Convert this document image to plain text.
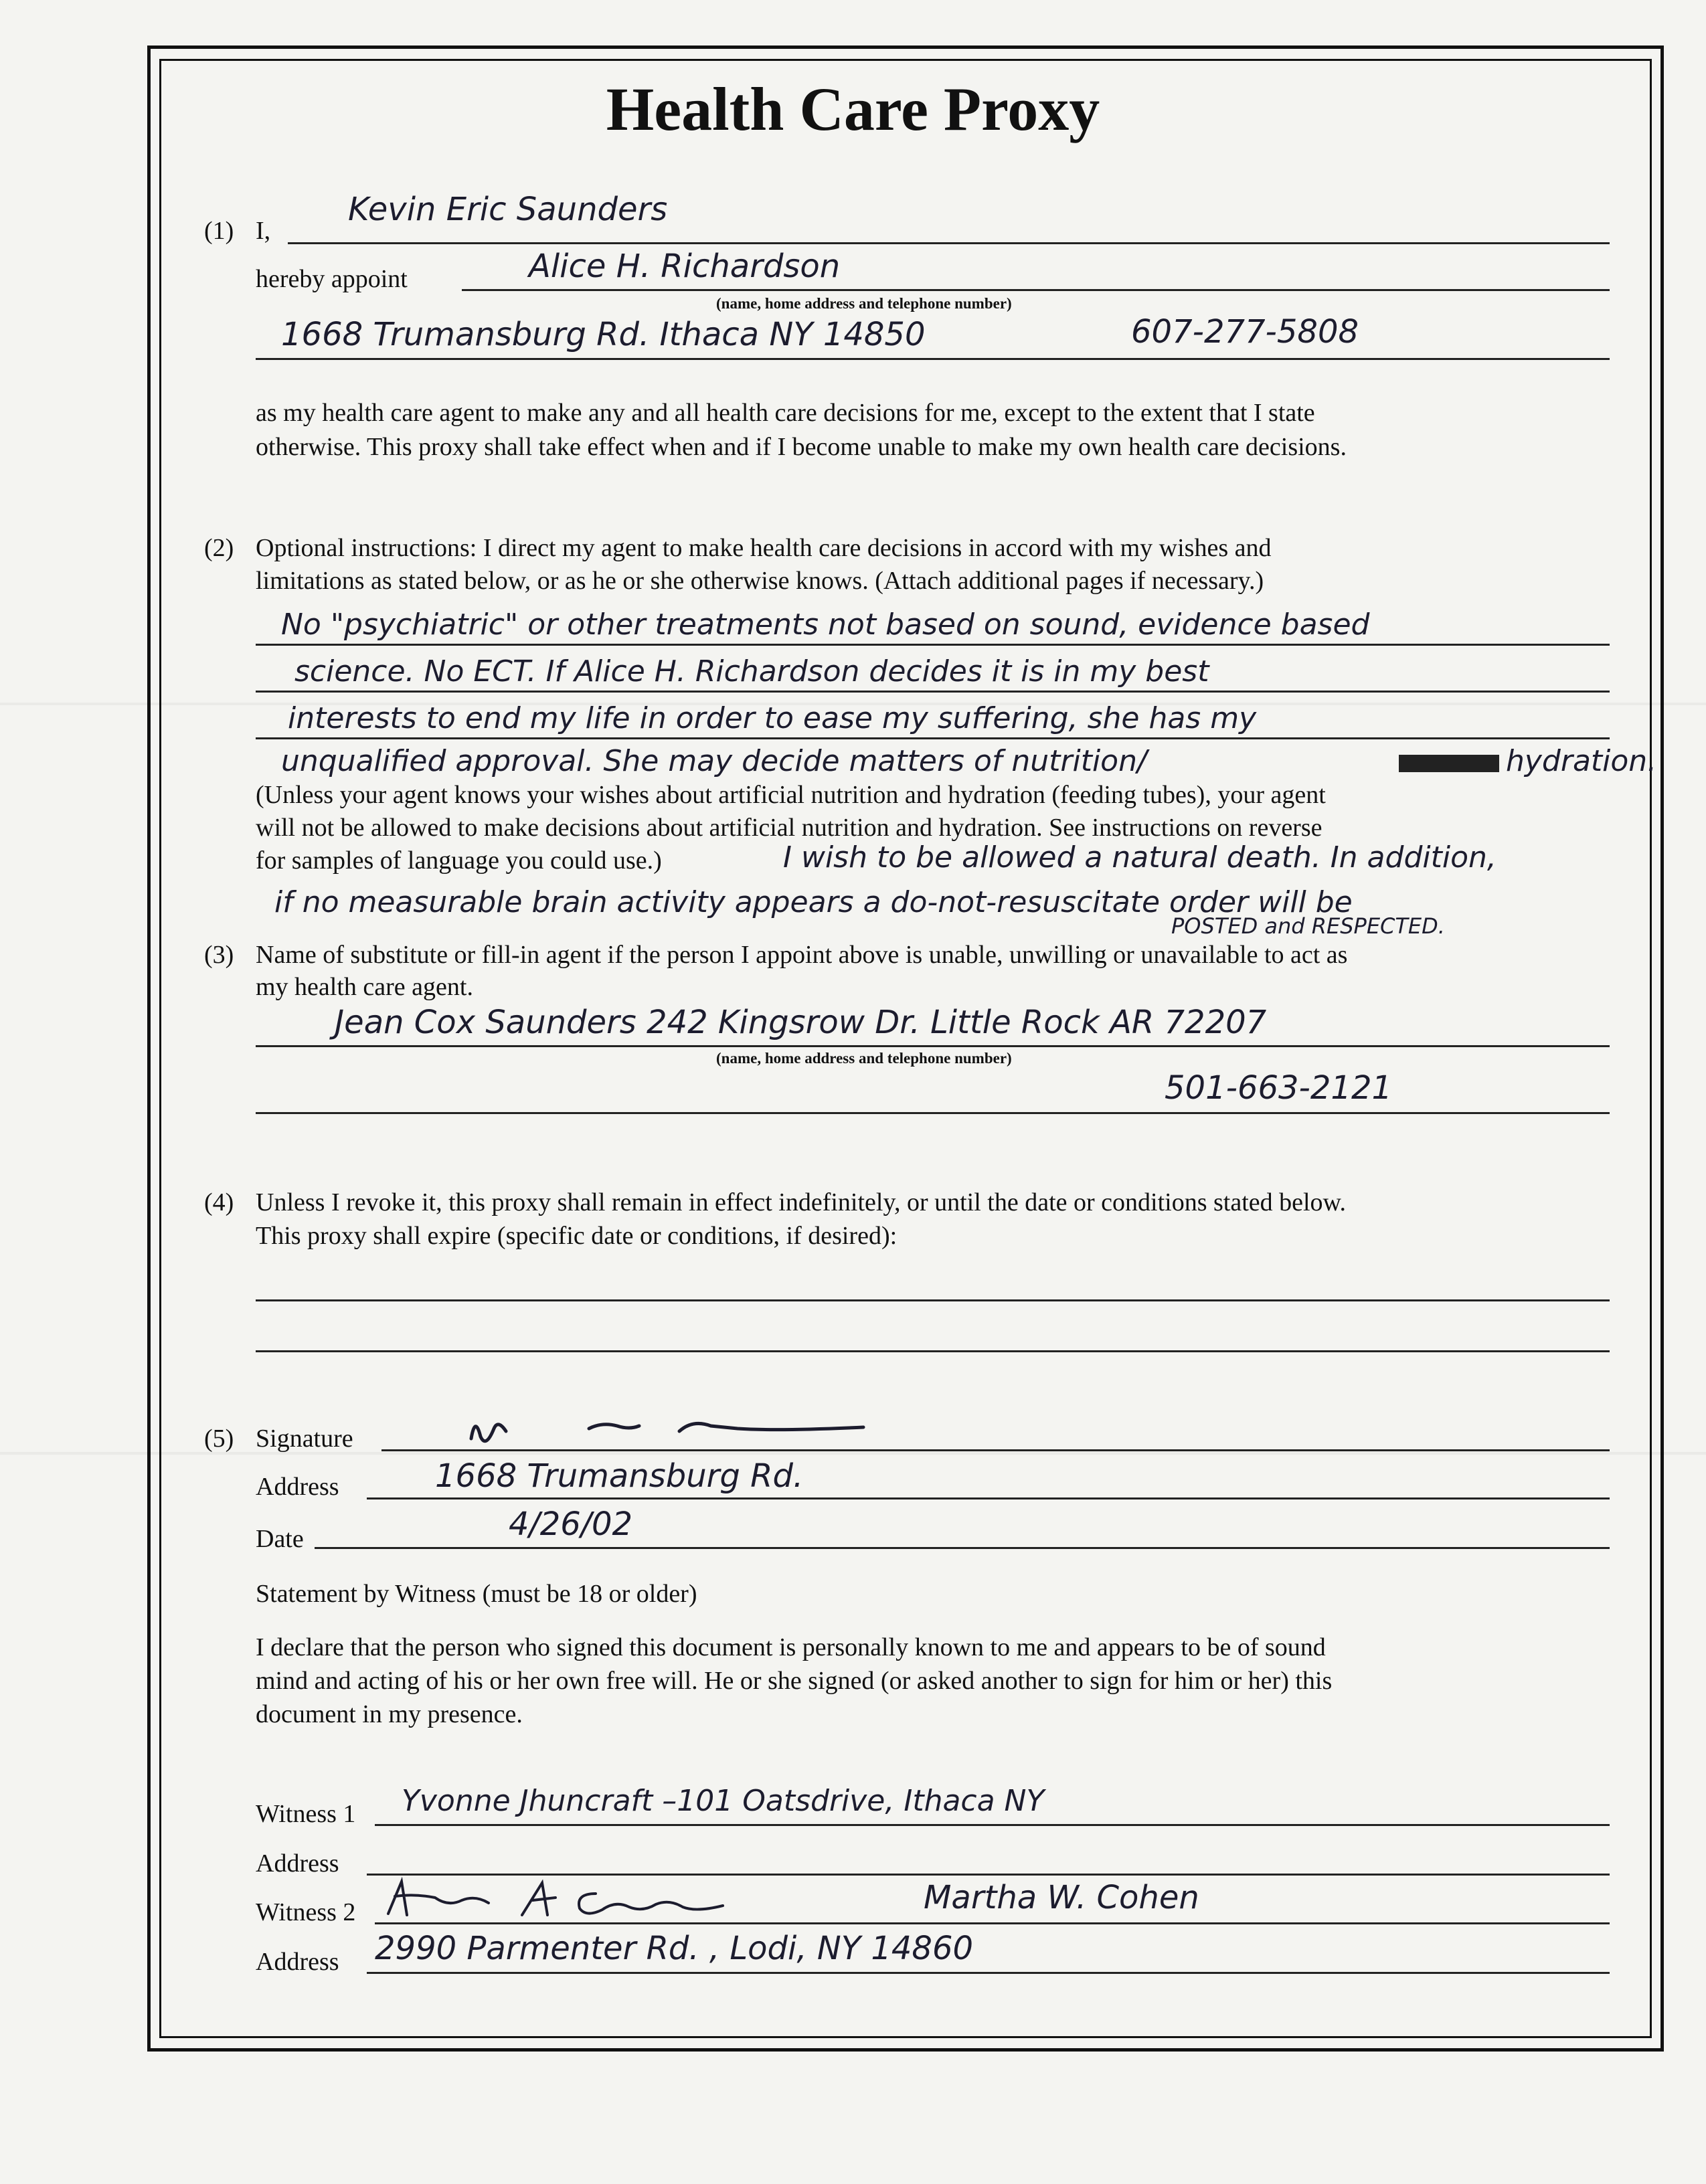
Health Care Proxy
(1) I,
Kevin Eric Saunders
hereby appoint	Alice H. Richardson
(name, home address and telephone number)
1668 Trumansburg Rd. Ithaca NY 14850	607-277-5808
as my health care agent to make any and all health care decisions for me, except to the extent that I state
otherwise. This proxy shall take effect when and if I become unable to make my own health care decisions.
(2) Optional instructions: I direct my agent to make health care decisions in accord with my wishes and
limitations as stated below, or as he or she otherwise knows. (Attach additional pages if necessary.)
No "psychiatric" or other treatments not based on sound, evidence based
science. No ECT. If Alice H. Richardson decides it is in my best
interests to end my life in order to ease my suffering, she has my
unqualified approval. She may decide matters of nutrition/	hydration.
(Unless your agent knows your wishes about artificial nutrition and hydration (feeding tubes), your agent
will not be allowed to make decisions about artificial nutrition and hydration. See instructions on reverse
for samples of language you could use.)	I wish to be allowed a natural death. In addition,
if no measurable brain activity appears a do-not-resuscitate order will be
POSTED and RESPECTED.
(3) Name of substitute or fill-in agent if the person I appoint above is unable, unwilling or unavailable to act as
my health care agent.
Jean Cox Saunders 242 Kingsrow Dr. Little Rock AR 72207
(name, home address and telephone number)
501-663-2121
(4) Unless I revoke it, this proxy shall remain in effect indefinitely, or until the date or conditions stated below.
This proxy shall expire (specific date or conditions, if desired):
(5) Signature
Address	1668 Trumansburg Rd.
Date	4/26/02
Statement by Witness (must be 18 or older)
I declare that the person who signed this document is personally known to me and appears to be of sound
mind and acting of his or her own free will. He or she signed (or asked another to sign for him or her) this
document in my presence.
Witness 1 Yvonne Jhuncraft –101 Oatsdrive, Ithaca NY
Address
Witness 2	Martha W. Cohen
Address 2990 Parmenter Rd. , Lodi, NY 14860
